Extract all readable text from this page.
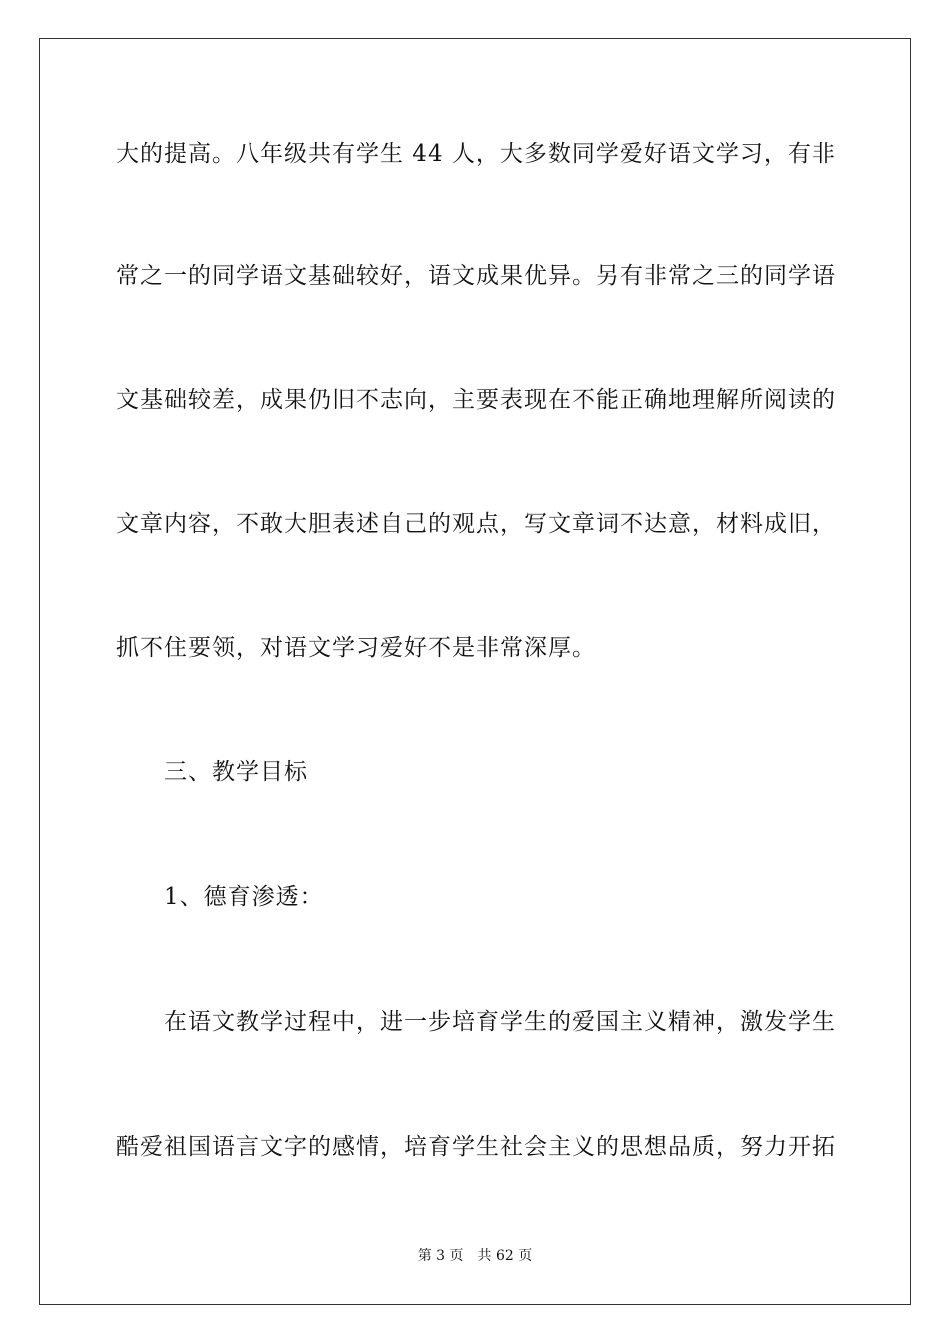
大的提高。八年级共有学生 44 人，大多数同学爱好语文学习，有非
常之一的同学语文基础较好，语文成果优异。另有非常之三的同学语
文基础较差，成果仍旧不志向，主要表现在不能正确地理解所阅读的
文章内容，不敢大胆表述自己的观点，写文章词不达意，材料成旧，
抓不住要领，对语文学习爱好不是非常深厚。
三、教学目标
1、德育渗透：
在语文教学过程中，进一步培育学生的爱国主义精神，激发学生
酷爱祖国语言文字的感情，培育学生社会主义的思想品质，努力开拓
第 3 页 共 62 页
